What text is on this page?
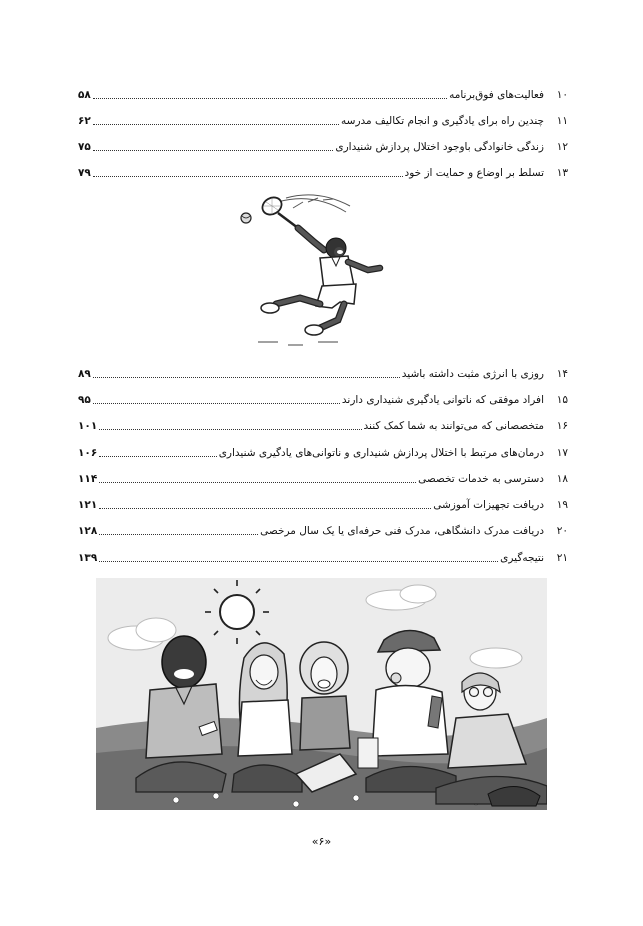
۱۰
فعالیت‌های فوق‌برنامه
۵۸
۱۱
چندین راه برای یادگیری و انجام تکالیف مدرسه
۶۲
۱۲
زندگی خانوادگی باوجود اختلال پردازش شنیداری
۷۵
۱۳
تسلط بر اوضاع و حمایت از خود
۷۹
۱۴
روزی با انرژی مثبت داشته باشید
۸۹
۱۵
افراد موفقی که ناتوانی یادگیری شنیداری دارند
۹۵
۱۶
متخصصانی که می‌توانند به شما کمک کنند
۱۰۱
۱۷
درمان‌های مرتبط با اختلال پردازش شنیداری و ناتوانی‌های یادگیری شنیداری
۱۰۶
۱۸
دسترسی به خدمات تخصصی
۱۱۴
۱۹
دریافت تجهیزات آموزشی
۱۲۱
۲۰
دریافت مدرک دانشگاهی، مدرک فنی حرفه‌ای یا یک سال مرخصی
۱۲۸
۲۱
نتیجه‌گیری
۱۳۹
«۶»
